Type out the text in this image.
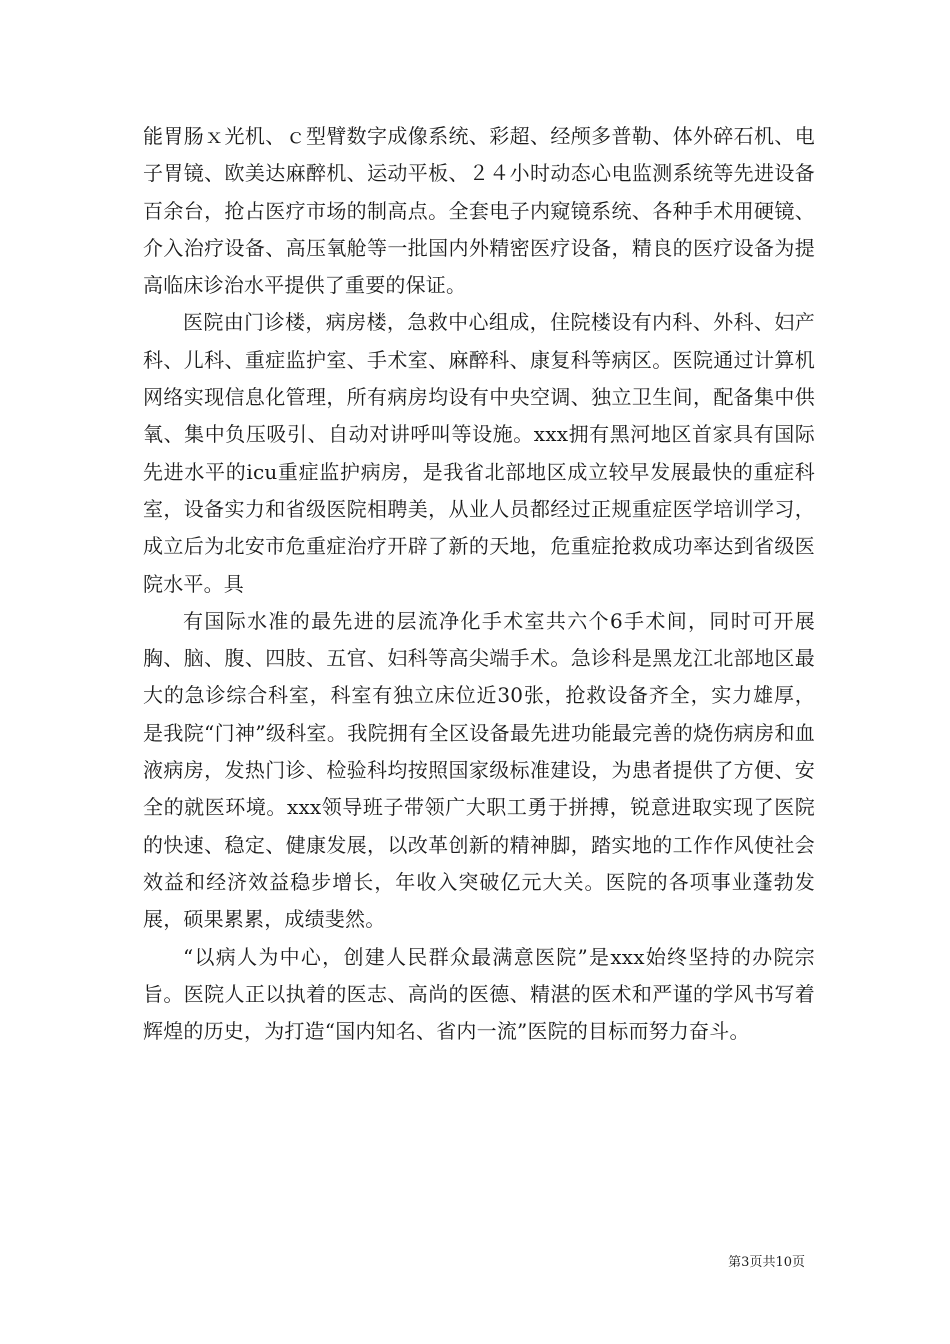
能胃肠ｘ光机、ｃ型臂数字成像系统、彩超、经颅多普勒、体外碎石机、电子胃镜、欧美达麻醉机、运动平板、２４小时动态心电监测系统等先进设备百余台，抢占医疗市场的制高点。全套电子内窥镜系统、各种手术用硬镜、介入治疗设备、高压氧舱等一批国内外精密医疗设备，精良的医疗设备为提高临床诊治水平提供了重要的保证。

医院由门诊楼，病房楼，急救中心组成，住院楼设有内科、外科、妇产科、儿科、重症监护室、手术室、麻醉科、康复科等病区。医院通过计算机网络实现信息化管理，所有病房均设有中央空调、独立卫生间，配备集中供氧、集中负压吸引、自动对讲呼叫等设施。xxx拥有黑河地区首家具有国际先进水平的icu重症监护病房，是我省北部地区成立较早发展最快的重症科室，设备实力和省级医院相聘美，从业人员都经过正规重症医学培训学习，成立后为北安市危重症治疗开辟了新的天地，危重症抢救成功率达到省级医院水平。具

有国际水准的最先进的层流净化手术室共六个6手术间，同时可开展胸、脑、腹、四肢、五官、妇科等高尖端手术。急诊科是黑龙江北部地区最大的急诊综合科室，科室有独立床位近30张，抢救设备齐全，实力雄厚，是我院“门神”级科室。我院拥有全区设备最先进功能最完善的烧伤病房和血液病房，发热门诊、检验科均按照国家级标准建设，为患者提供了方便、安全的就医环境。xxx领导班子带领广大职工勇于拼搏，锐意进取实现了医院的快速、稳定、健康发展，以改革创新的精神脚，踏实地的工作作风使社会效益和经济效益稳步增长，年收入突破亿元大关。医院的各项事业蓬勃发展，硕果累累，成绩斐然。

“以病人为中心，创建人民群众最满意医院”是xxx始终坚持的办院宗旨。医院人正以执着的医志、高尚的医德、精湛的医术和严谨的学风书写着辉煌的历史，为打造“国内知名、省内一流”医院的目标而努力奋斗。

第3页共10页
